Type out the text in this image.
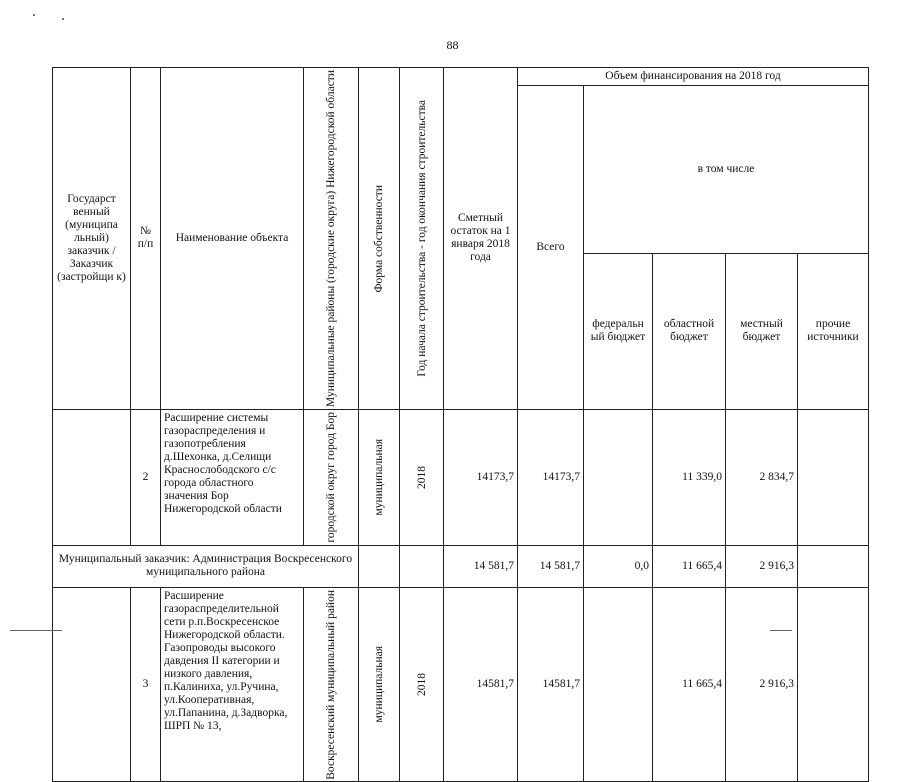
88
Государст венный (муниципа льный) заказчик / Заказчик (застройщи к)	№ п/п	Наименование объекта	Муниципальные районы (городские округа) Нижегородской области	Форма собственности	Год начала строительства - год окончания строительства	Сметный остаток на 1 января 2018 года	Объем финансирования на 2018 год				
							Всего	в том числе			
								федеральн ый бюджет	областной бюджет	местный бюджет	прочие источники
	2	Расширение системы газораспределения и газопотребления д.Шехонка, д.Селищи Краснослободского с/с города областного значения Бор Нижегородской области	городской округ город Бор	муниципальная	2018	14173,7	14173,7		11 339,0	2 834,7	
Муниципальный заказчик: Администрация Воскресенского муниципального района						14 581,7	14 581,7	0,0	11 665,4	2 916,3	
	3	Расширение газораспределительной сети р.п.Воскресенское Нижегородской области. Газопроводы высокого давдения II категории и низкого давления, п.Калиниха, ул.Ручина, ул.Кооперативная, ул.Папанина, д.Задворка, ШРП № 13,	Воскресенский муниципальный район	муниципальная	2018	14581,7	14581,7		11 665,4	2 916,3	
